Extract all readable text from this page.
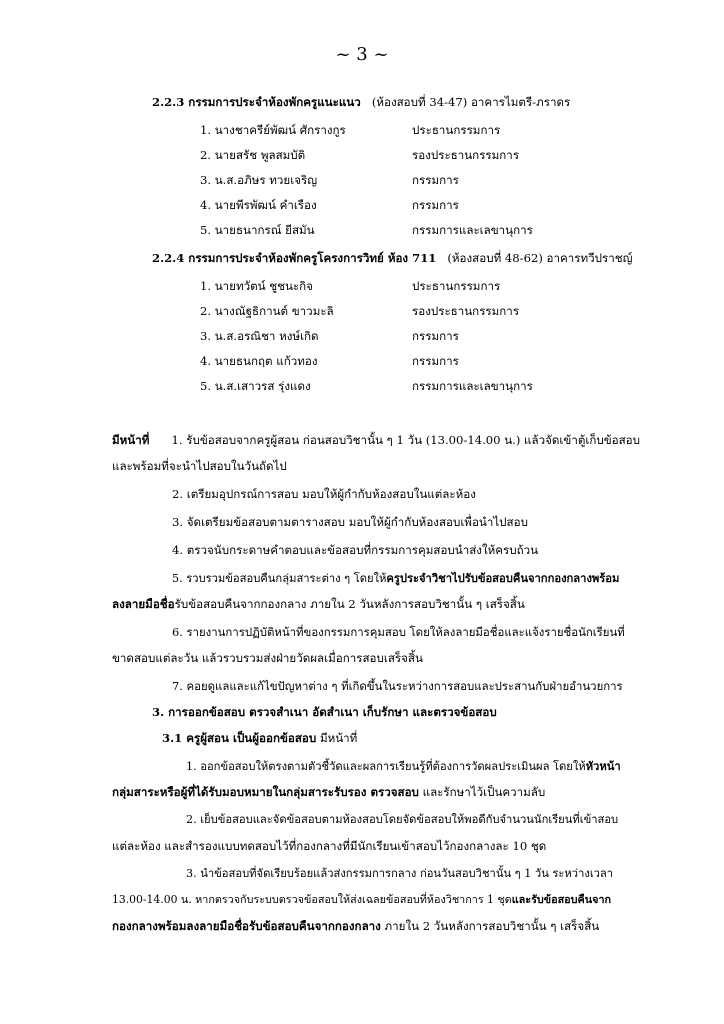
~ 3 ~
2.2.3 กรรมการประจำห้องพักครูแนะแนว (ห้องสอบที่ 34-47) อาคารไมตรี-ภราดร
1. นางชาครีย์พัฒน์ ศักรางกูร	ประธานกรรมการ
2. นายสรัช พูลสมบัติ	รองประธานกรรมการ
3. น.ส.อภิษร ทวยเจริญ	กรรมการ
4. นายพีรพัฒน์ คำเรือง	กรรมการ
5. นายธนากรณ์ ยีสมัน	กรรมการและเลขานุการ
2.2.4 กรรมการประจำห้องพักครูโครงการวิทย์ ห้อง 711 (ห้องสอบที่ 48-62) อาคารทวีปราชญ์
1. นายทวัตน์ ชูชนะกิจ	ประธานกรรมการ
2. นางณัฐธิกานต์ ขาวมะลิ	รองประธานกรรมการ
3. น.ส.อรณิชา หงษ์เกิด	กรรมการ
4. นายธนกฤต แก้วทอง	กรรมการ
5. น.ส.เสาวรส รุ่งแดง	กรรมการและเลขานุการ
มีหน้าที่ 1. รับข้อสอบจากครูผู้สอน ก่อนสอบวิชานั้น ๆ 1 วัน (13.00-14.00 น.) แล้วจัดเข้าตู้เก็บข้อสอบ
และพร้อมที่จะนำไปสอบในวันถัดไป
2. เตรียมอุปกรณ์การสอบ มอบให้ผู้กำกับห้องสอบในแต่ละห้อง
3. จัดเตรียมข้อสอบตามตารางสอบ มอบให้ผู้กำกับห้องสอบเพื่อนำไปสอบ
4. ตรวจนับกระดาษคำตอบและข้อสอบที่กรรมการคุมสอบนำส่งให้ครบถ้วน
5. รวบรวมข้อสอบคืนกลุ่มสาระต่าง ๆ โดยให้ครูประจำวิชาไปรับข้อสอบคืนจากกองกลางพร้อม
ลงลายมือชื่อรับข้อสอบคืนจากกองกลาง ภายใน 2 วันหลังการสอบวิชานั้น ๆ เสร็จสิ้น
6. รายงานการปฏิบัติหน้าที่ของกรรมการคุมสอบ โดยให้ลงลายมือชื่อและแจ้งรายชื่อนักเรียนที่
ขาดสอบแต่ละวัน แล้วรวบรวมส่งฝ่ายวัดผลเมื่อการสอบเสร็จสิ้น
7. คอยดูแลและแก้ไขปัญหาต่าง ๆ ที่เกิดขึ้นในระหว่างการสอบและประสานกับฝ่ายอำนวยการ
3. การออกข้อสอบ ตรวจสำเนา อัดสำเนา เก็บรักษา และตรวจข้อสอบ
3.1 ครูผู้สอน เป็นผู้ออกข้อสอบ มีหน้าที่
1. ออกข้อสอบให้ตรงตามตัวชี้วัดและผลการเรียนรู้ที่ต้องการวัดผลประเมินผล โดยให้หัวหน้า
กลุ่มสาระหรือผู้ที่ได้รับมอบหมายในกลุ่มสาระรับรอง ตรวจสอบ และรักษาไว้เป็นความลับ
2. เย็บข้อสอบและจัดข้อสอบตามห้องสอบโดยจัดข้อสอบให้พอดีกับจำนวนนักเรียนที่เข้าสอบ
แต่ละห้อง และสำรองแบบทดสอบไว้ที่กองกลางที่มีนักเรียนเข้าสอบไว้กองกลางละ 10 ชุด
3. นำข้อสอบที่จัดเรียบร้อยแล้วส่งกรรมการกลาง ก่อนวันสอบวิชานั้น ๆ 1 วัน ระหว่างเวลา
13.00-14.00 น. หากตรวจกับระบบตรวจข้อสอบให้ส่งเฉลยข้อสอบที่ห้องวิชาการ 1 ชุดและรับข้อสอบคืนจาก
กองกลางพร้อมลงลายมือชื่อรับข้อสอบคืนจากกองกลาง ภายใน 2 วันหลังการสอบวิชานั้น ๆ เสร็จสิ้น
